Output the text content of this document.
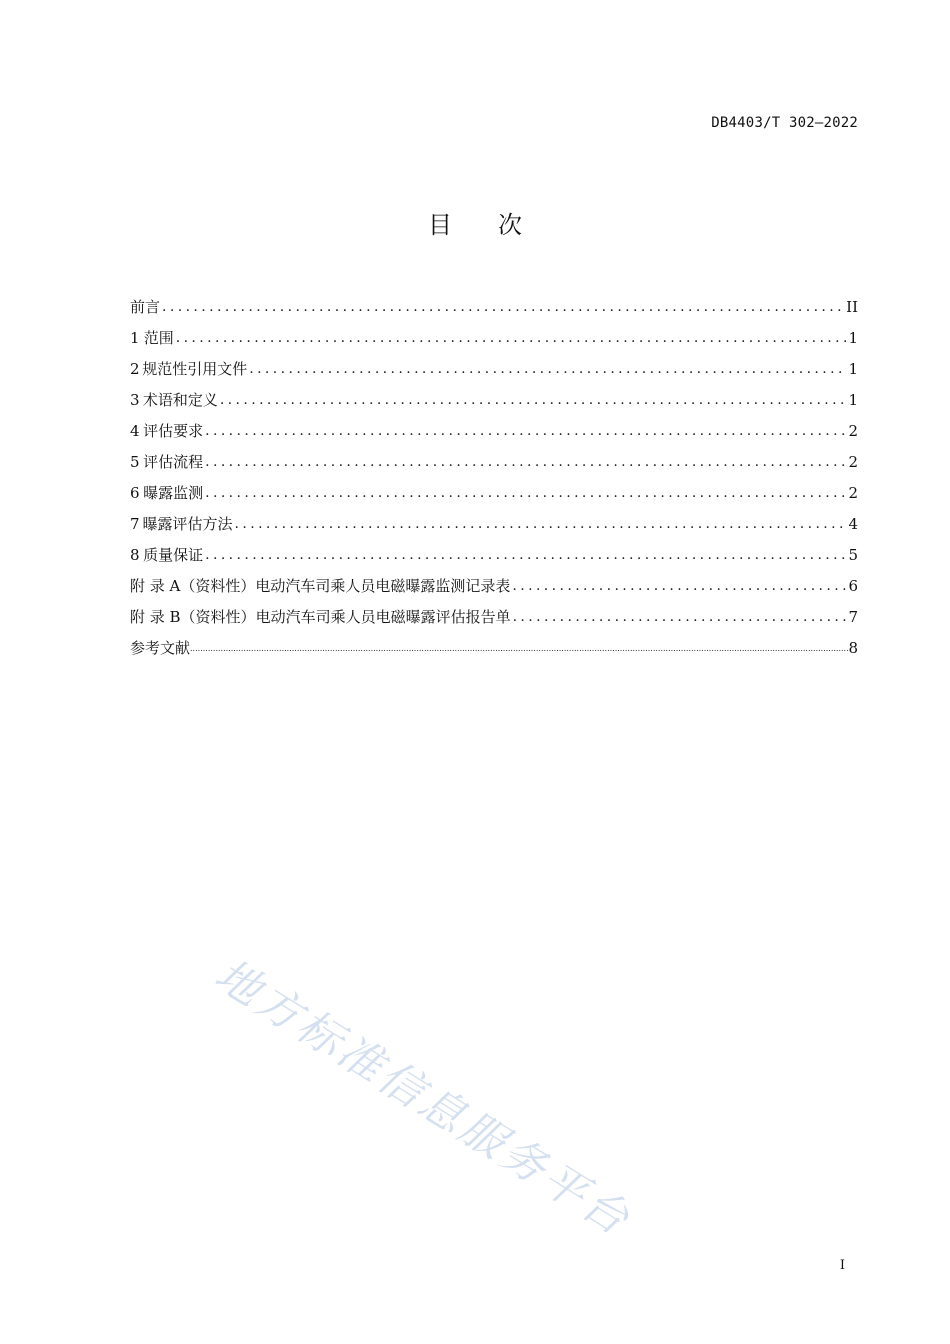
DB4403/T 302—2022
目次
前言 .....	II
1 范围 .....	1
2 规范性引用文件 .....	1
3 术语和定义 .....	1
4 评估要求 .....	2
5 评估流程 .....	2
6 曝露监测 .....	2
7 曝露评估方法 .....	4
8 质量保证 .....	5
附 录 A（资料性） 电动汽车司乘人员电磁曝露监测记录表 .....	6
附 录 B（资料性） 电动汽车司乘人员电磁曝露评估报告单 .....	7
参考文献 .....	8
地方标准信息服务平台
I
